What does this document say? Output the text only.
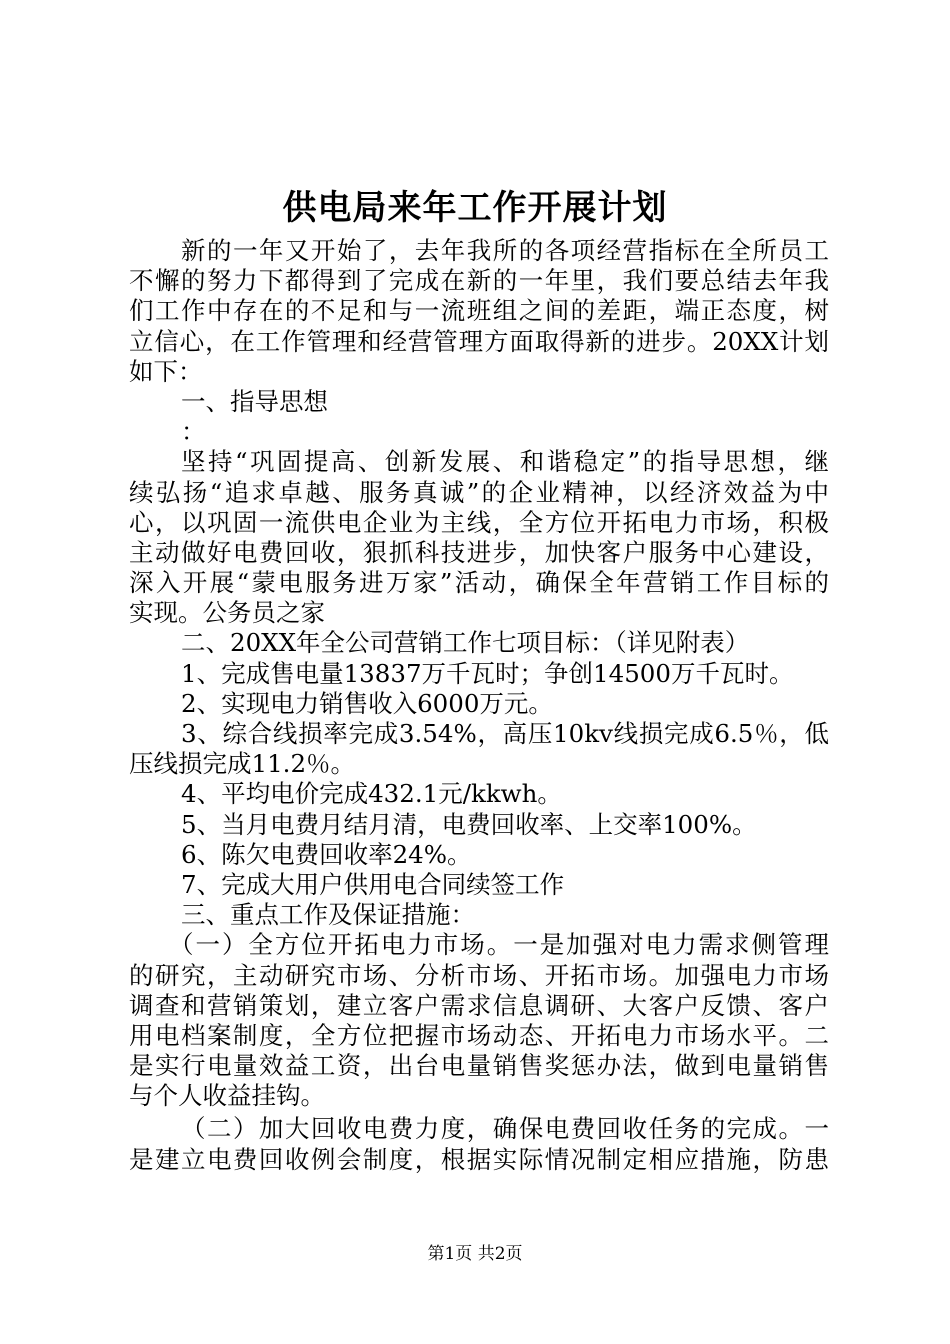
供电局来年工作开展计划
新的一年又开始了，去年我所的各项经营指标在全所员工
不懈的努力下都得到了完成在新的一年里，我们要总结去年我
们工作中存在的不足和与一流班组之间的差距，端正态度，树
立信心，在工作管理和经营管理方面取得新的进步。20XX计划
如下：
一、指导思想
：
坚持“巩固提高、创新发展、和谐稳定”的指导思想，继
续弘扬“追求卓越、服务真诚”的企业精神，以经济效益为中
心，以巩固一流供电企业为主线，全方位开拓电力市场，积极
主动做好电费回收，狠抓科技进步，加快客户服务中心建设，
深入开展“蒙电服务进万家”活动，确保全年营销工作目标的
实现。公务员之家
二、20XX年全公司营销工作七项目标：（详见附表）
1、完成售电量13837万千瓦时；争创14500万千瓦时。
2、实现电力销售收入6000万元。
3、综合线损率完成3.54%，高压10kv线损完成6.5％，低
压线损完成11.2％。
4、平均电价完成432.1元/kkwh。
5、当月电费月结月清，电费回收率、上交率100%。
6、陈欠电费回收率24%。
7、完成大用户供用电合同续签工作
三、重点工作及保证措施：
（一）全方位开拓电力市场。一是加强对电力需求侧管理
的研究，主动研究市场、分析市场、开拓市场。加强电力市场
调查和营销策划，建立客户需求信息调研、大客户反馈、客户
用电档案制度，全方位把握市场动态、开拓电力市场水平。二
是实行电量效益工资，出台电量销售奖惩办法，做到电量销售
与个人收益挂钩。
（二）加大回收电费力度，确保电费回收任务的完成。一
是建立电费回收例会制度，根据实际情况制定相应措施，防患
第1页 共2页
